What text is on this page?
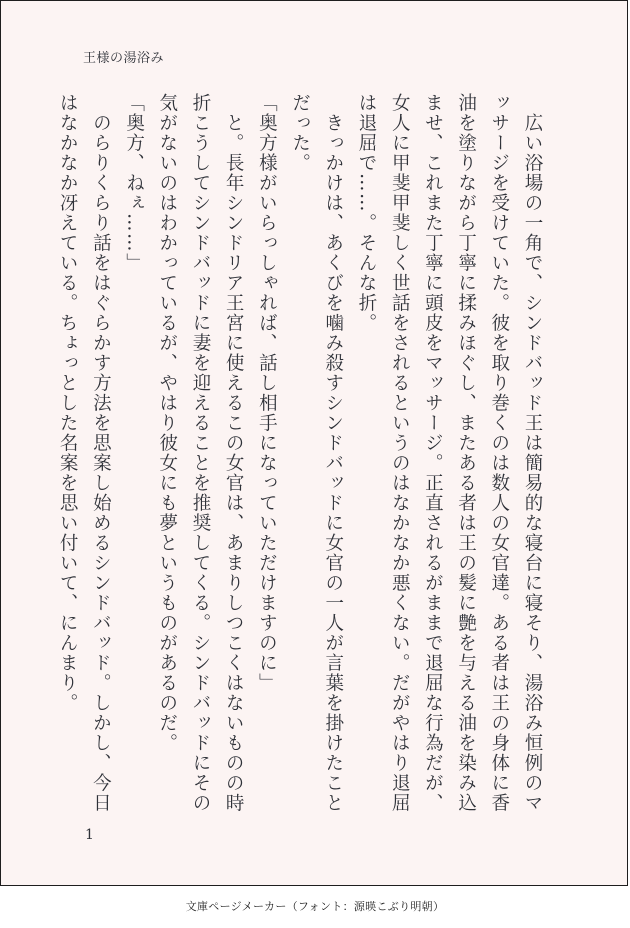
王様の湯浴み

　広い浴場の一角で、シンドバッド王は簡易的な寝台に寝そり、湯浴み恒例のマッサージを受けていた。彼を取り巻くのは数人の女官達。ある者は王の身体に香油を塗りながら丁寧に揉みほぐし、またある者は王の髪に艶を与える油を染み込ませ、これまた丁寧に頭皮をマッサージ。正直されるがままで退屈な行為だが、女人に甲斐甲斐しく世話をされるというのはなかなか悪くない。だがやはり退屈は退屈で……。そんな折。

　きっかけは、あくびを噛み殺すシンドバッドに女官の一人が言葉を掛けたことだった。

「奥方様がいらっしゃれば、話し相手になっていただけますのに」

　と。長年シンドリア王宮に使えるこの女官は、あまりしつこくはないものの時折こうしてシンドバッドに妻を迎えることを推奨してくる。シンドバッドにその気がないのはわかっているが、やはり彼女にも夢というものがあるのだ。

「奥方、ねぇ……」

　のらりくらり話をはぐらかす方法を思案し始めるシンドバッド。しかし、今日はなかなか冴えている。ちょっとした名案を思い付いて、にんまり。

1
文庫ページメーカー（フォント：源暎こぶり明朝）
